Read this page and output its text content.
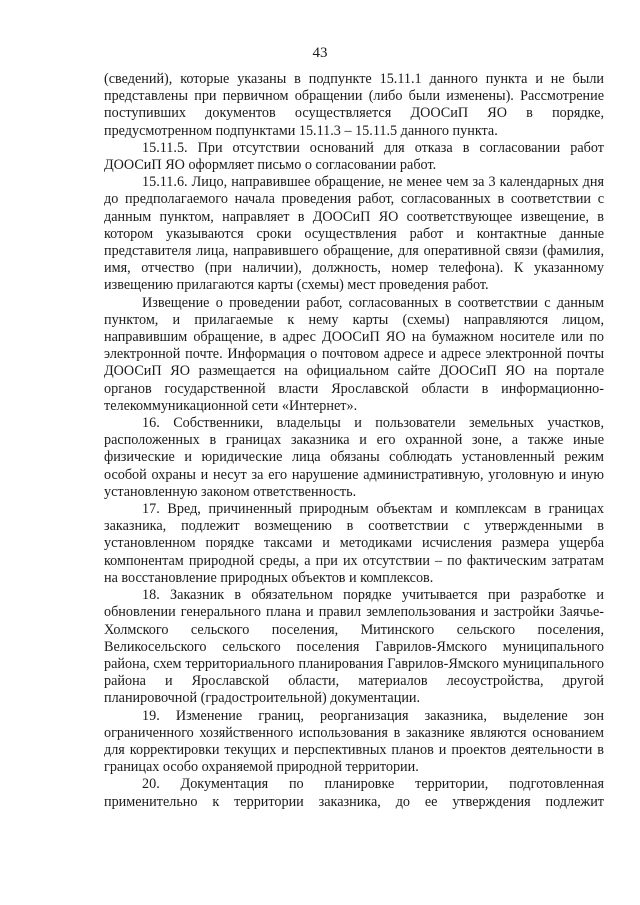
43

(сведений), которые указаны в подпункте 15.11.1 данного пункта и не были представлены при первичном обращении (либо были изменены). Рассмотрение поступивших документов осуществляется ДООСиП ЯО в порядке, предусмотренном подпунктами 15.11.3 – 15.11.5 данного пункта.

15.11.5. При отсутствии оснований для отказа в согласовании работ ДООСиП ЯО оформляет письмо о согласовании работ.

15.11.6. Лицо, направившее обращение, не менее чем за 3 календарных дня до предполагаемого начала проведения работ, согласованных в соответствии с данным пунктом, направляет в ДООСиП ЯО соответствующее извещение, в котором указываются сроки осуществления работ и контактные данные представителя лица, направившего обращение, для оперативной связи (фамилия, имя, отчество (при наличии), должность, номер телефона). К указанному извещению прилагаются карты (схемы) мест проведения работ.

Извещение о проведении работ, согласованных в соответствии с данным пунктом, и прилагаемые к нему карты (схемы) направляются лицом, направившим обращение, в адрес ДООСиП ЯО на бумажном носителе или по электронной почте. Информация о почтовом адресе и адресе электронной почты ДООСиП ЯО размещается на официальном сайте ДООСиП ЯО на портале органов государственной власти Ярославской области в информационно-телекоммуникационной сети «Интернет».

16. Собственники, владельцы и пользователи земельных участков, расположенных в границах заказника и его охранной зоне, а также иные физические и юридические лица обязаны соблюдать установленный режим особой охраны и несут за его нарушение административную, уголовную и иную установленную законом ответственность.

17. Вред, причиненный природным объектам и комплексам в границах заказника, подлежит возмещению в соответствии с утвержденными в установленном порядке таксами и методиками исчисления размера ущерба компонентам природной среды, а при их отсутствии – по фактическим затратам на восстановление природных объектов и комплексов.

18. Заказник в обязательном порядке учитывается при разработке и обновлении генерального плана и правил землепользования и застройки Заячье-Холмского сельского поселения, Митинского сельского поселения, Великосельского сельского поселения Гаврилов-Ямского муниципального района, схем территориального планирования Гаврилов-Ямского муниципального района и Ярославской области, материалов лесоустройства, другой планировочной (градостроительной) документации.

19. Изменение границ, реорганизация заказника, выделение зон ограниченного хозяйственного использования в заказнике являются основанием для корректировки текущих и перспективных планов и проектов деятельности в границах особо охраняемой природной территории.

20. Документация по планировке территории, подготовленная применительно к территории заказника, до ее утверждения подлежит
